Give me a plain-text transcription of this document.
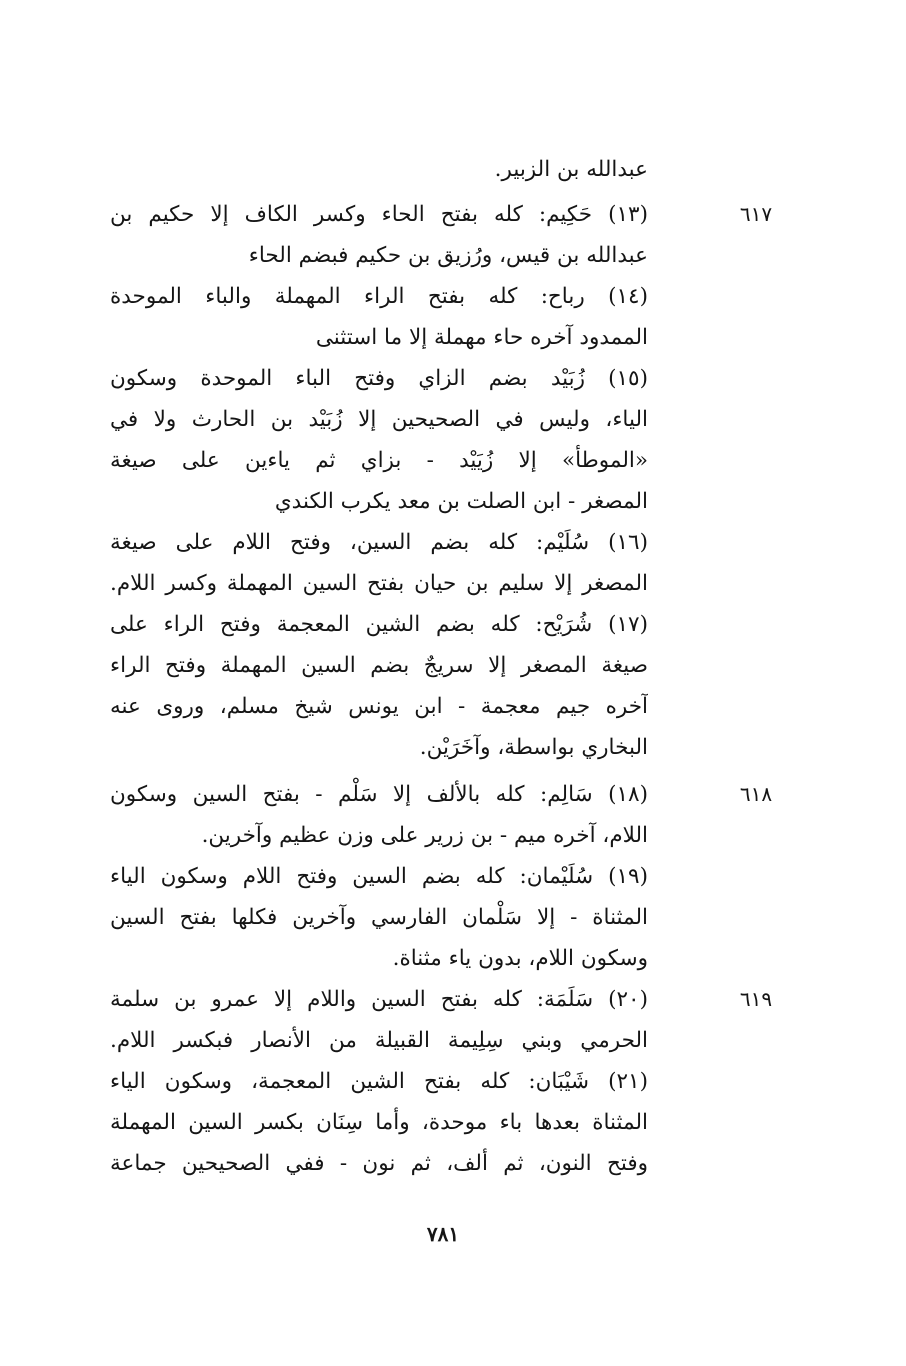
٦١٧
٦١٨
٦١٩
عبدالله بن الزبير.
(١٣) حَكِيم: كله بفتح الحاء وكسر الكاف إلا حكيم بن
عبدالله بن قيس، ورُزيق بن حكيم فبضم الحاء
(١٤) رباح: كله بفتح الراء المهملة والباء الموحدة
الممدود آخره حاء مهملة إلا ما استثنى
(١٥) زُبَيْد بضم الزاي وفتح الباء الموحدة وسكون
الياء، وليس في الصحيحين إلا زُبَيْد بن الحارث ولا في
«الموطأ» إلا زُيَيْد - بزاي ثم ياءين على صيغة
المصغر - ابن الصلت بن معد يكرب الكندي
(١٦) سُلَيْم: كله بضم السين، وفتح اللام على صيغة
المصغر إلا سليم بن حيان بفتح السين المهملة وكسر اللام.
(١٧) شُرَيْح: كله بضم الشين المعجمة وفتح الراء على
صيغة المصغر إلا سريجٌ بضم السين المهملة وفتح الراء
آخره جيم معجمة - ابن يونس شيخ مسلم، وروى عنه
البخاري بواسطة، وآخَرَيْن.
(١٨) سَالِم: كله بالألف إلا سَلْم - بفتح السين وسكون
اللام، آخره ميم - بن زرير على وزن عظيم وآخرين.
(١٩) سُلَيْمان: كله بضم السين وفتح اللام وسكون الياء
المثناة - إلا سَلْمان الفارسي وآخرين فكلها بفتح السين
وسكون اللام، بدون ياء مثناة.
(٢٠) سَلَمَة: كله بفتح السين واللام إلا عمرو بن سلمة
الحرمي وبني سِلِيمة القبيلة من الأنصار فبكسر اللام.
(٢١) شَيْبَان: كله بفتح الشين المعجمة، وسكون الياء
المثناة بعدها باء موحدة، وأما سِنَان بكسر السين المهملة
وفتح النون، ثم ألف، ثم نون - ففي الصحيحين جماعة
٧٨١
